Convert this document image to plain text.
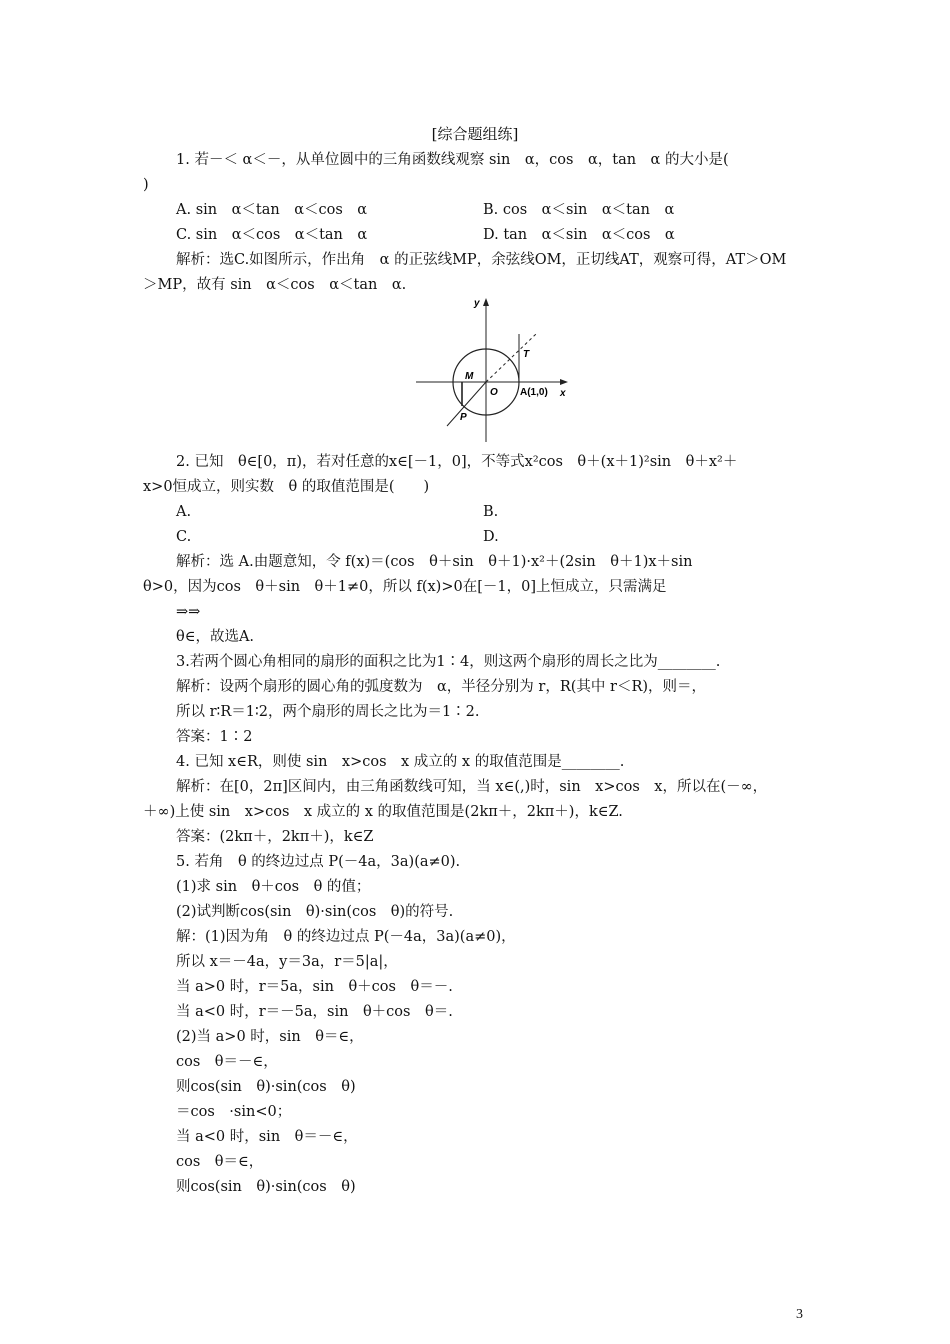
[综合题组练]
1. 若－＜ α＜－，从单位圆中的三角函数线观察 sin　α，cos　α，tan　α 的大小是(
)
解析：选C.如图所示，作出角　α 的正弦线MP，余弦线OM，正切线AT，观察可得，AT＞OM
＞MP，故有 sin　α＜cos　α＜tan　α.
2. 已知　θ∈[0，π)，若对任意的x∈[－1，0]，不等式x²cos　θ＋(x＋1)²sin　θ＋x²＋
x>0恒成立，则实数　θ 的取值范围是(　　)
解析：选 A.由题意知，令 f(x)＝(cos　θ＋sin　θ＋1)·x²＋(2sin　θ＋1)x＋sin
θ>0，因为cos　θ＋sin　θ＋1≠0，所以 f(x)>0在[－1，0]上恒成立，只需满足
⇒⇒
θ∈，故选A.
3.若两个圆心角相同的扇形的面积之比为1∶4，则这两个扇形的周长之比为________.
解析：设两个扇形的圆心角的弧度数为　α，半径分别为 r，R(其中 r＜R)，则＝，
所以 r∶R＝1∶2，两个扇形的周长之比为＝1∶2.
答案：1∶2
4. 已知 x∈R，则使 sin　x>cos　x 成立的 x 的取值范围是________.
解析：在[0，2π]区间内，由三角函数线可知，当 x∈(,)时，sin　x>cos　x，所以在(－∞，
＋∞)上使 sin　x>cos　x 成立的 x 的取值范围是(2kπ＋，2kπ＋)，k∈Z.
答案：(2kπ＋，2kπ＋)，k∈Z
5. 若角　θ 的终边过点 P(－4a，3a)(a≠0).
(1)求 sin　θ＋cos　θ 的值；
(2)试判断cos(sin　θ)·sin(cos　θ)的符号.
解：(1)因为角　θ 的终边过点 P(－4a，3a)(a≠0)，
所以 x＝－4a，y＝3a，r＝5|a|，
当 a>0 时，r＝5a，sin　θ＋cos　θ＝－.
当 a<0 时，r＝－5a，sin　θ＋cos　θ＝.
(2)当 a>0 时，sin　θ＝∈，
cos　θ＝－∈，
则cos(sin　θ)·sin(cos　θ)
＝cos　·sin<0；
当 a<0 时，sin　θ＝－∈，
cos　θ＝∈，
则cos(sin　θ)·sin(cos　θ)
A. sin　α＜tan　α＜cos　α	B. cos　α＜sin　α＜tan　α
C. sin　α＜cos　α＜tan　α	D. tan　α＜sin　α＜cos　α
A.	B.
C.	D.
y
x
M
O
T
P
A(1,0)
3
